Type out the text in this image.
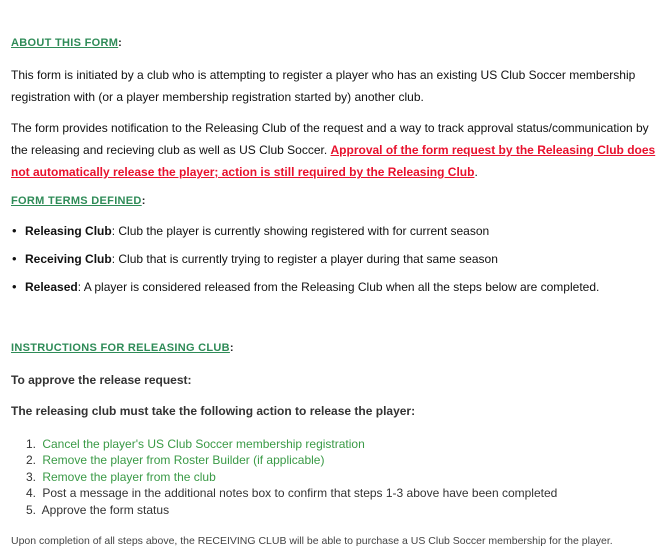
ABOUT THIS FORM:

This form is initiated by a club who is attempting to register a player who has an existing US Club Soccer membership registration with (or a player membership registration started by) another club.

The form provides notification to the Releasing Club of the request and a way to track approval status/communication by the releasing and recieving club as well as US Club Soccer. Approval of the form request by the Releasing Club does not automatically release the player; action is still required by the Releasing Club.

FORM TERMS DEFINED:
• Releasing Club: Club the player is currently showing registered with for current season
• Receiving Club: Club that is currently trying to register a player during that same season
• Released: A player is considered released from the Releasing Club when all the steps below are completed.
INSTRUCTIONS FOR RELEASING CLUB:

To approve the release request:

The releasing club must take the following action to release the player:

1. Cancel the player's US Club Soccer membership registration
2. Remove the player from Roster Builder (if applicable)
3. Remove the player from the club
4. Post a message in the additional notes box to confirm that steps 1-3 above have been completed
5. Approve the form status

Upon completion of all steps above, the RECEIVING CLUB will be able to purchase a US Club Soccer membership for the player.
